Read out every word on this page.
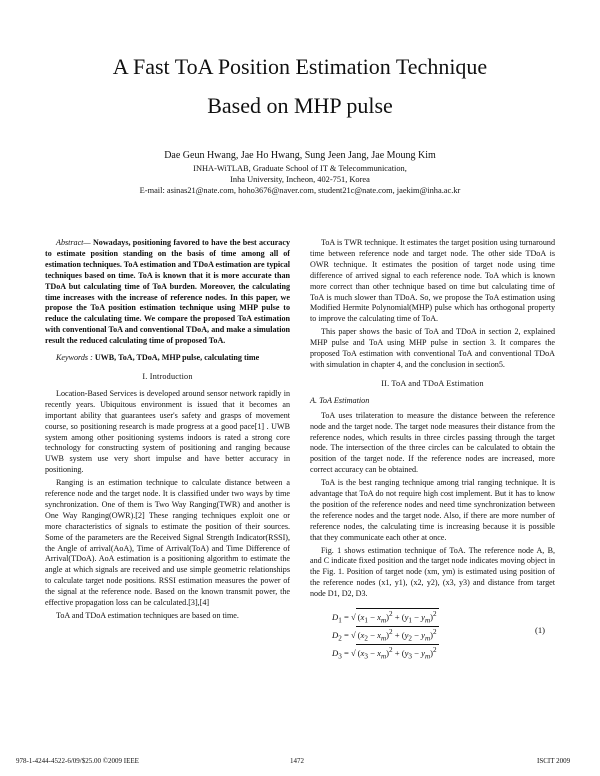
A Fast ToA Position Estimation Technique
Based on MHP pulse
Dae Geun Hwang, Jae Ho Hwang, Sung Jeen Jang, Jae Moung Kim
INHA-WiTLAB, Graduate School of IT & Telecommunication,
Inha University, Incheon, 402-751, Korea
E-mail: asinas21@nate.com, hoho3676@naver.com, student21c@nate.com, jaekim@inha.ac.kr

Abstract— Nowadays, positioning favored to have the best accuracy to estimate position standing on the basis of time among all of estimation techniques. ToA estimation and TDoA estimation are typical techniques based on time. ToA is known that it is more accurate than TDoA but calculating time of ToA burden. Moreover, the calculating time increases with the increase of reference nodes. In this paper, we propose the ToA position estimation technique using MHP pulse to reduce the calculating time. We compare the proposed ToA estimation with conventional ToA and conventional TDoA, and make a simulation result the reduced calculating time of proposed ToA.

Keywords : UWB, ToA, TDoA, MHP pulse, calculating time

I. Introduction

Location-Based Services is developed around sensor network rapidly in recently years. Ubiquitous environment is issued that it becomes an important ability that guarantees user's safety and grasps of movement course, so positioning research is made progress at a good pace[1] . UWB system among other positioning systems indoors is rated a strong core technology for constructing system of positioning and ranging because UWB system use very short impulse and have better accuracy in positioning.

Ranging is an estimation technique to calculate distance between a reference node and the target node. It is classified under two ways by time synchronization. One of them is Two Way Ranging(TWR) and another is One Way Ranging(OWR).[2] These ranging techniques exploit one or more characteristics of signals to estimate the position of their sources. Some of the parameters are the Received Signal Strength Indicator(RSSI), the Angle of arrival(AoA), Time of Arrival(ToA) and Time Difference of Arrival(TDoA). AoA estimation is a positioning algorithm to estimate the angle at which signals are received and use simple geometric relationships to calculate target node positions. RSSI estimation measures the power of the signal at the reference node. Based on the known transmit power, the effective propagation loss can be calculated.[3],[4]

ToA and TDoA estimation techniques are based on time.

ToA is TWR technique. It estimates the target position using turnaround time between reference node and target node. The other side TDoA is OWR technique. It estimates the position of target node using time difference of arrived signal to each reference node. ToA which is known more correct than other technique based on time but calculating time of ToA is much slower than TDoA. So, we propose the ToA estimation using Modified Hermite Polynomial(MHP) pulse which has orthogonal property to improve the calculating time of ToA.

This paper shows the basic of ToA and TDoA in section 2, explained MHP pulse and ToA using MHP pulse in section 3. It compares the proposed ToA estimation with conventional ToA and conventional TDoA with simulation in chapter 4, and the conclusion in section5.

II. ToA and TDoA Estimation
A. ToA Estimation

ToA uses trilateration to measure the distance between the reference node and the target node. The target node measures their distance from the reference nodes, which results in three circles passing through the target node. The intersection of the three circles can be calculated to obtain the position of the target node. If the reference nodes are increased, more correct accuracy can be obtained.

ToA is the best ranging technique among trial ranging technique. It is advantage that ToA do not require high cost implement. But it has to know the position of the reference nodes and need time synchronization between the reference nodes and the target node. Also, if there are more number of reference nodes, the calculating time is increasing because it is possible that they communicate each other at once.

Fig. 1 shows estimation technique of ToA. The reference node A, B, and C indicate fixed position and the target node indicates moving object in the Fig. 1. Position of target node (xm, ym) is estimated using position of the reference nodes (x1, y1), (x2, y2), (x3, y3) and distance from target node D1, D2, D3.

$D_1$ = √ $(x_1 - x_m)^2 + (y_1 - y_m)^2$
$D_2$ = √ $(x_2 - x_m)^2 + (y_2 - y_m)^2$
$D_3$ = √ $(x_3 - x_m)^2 + (y_3 - y_m)^2$
(1)
978-1-4244-4522-6/09/$25.00 ©2009 IEEE	1472	ISCIT 2009
